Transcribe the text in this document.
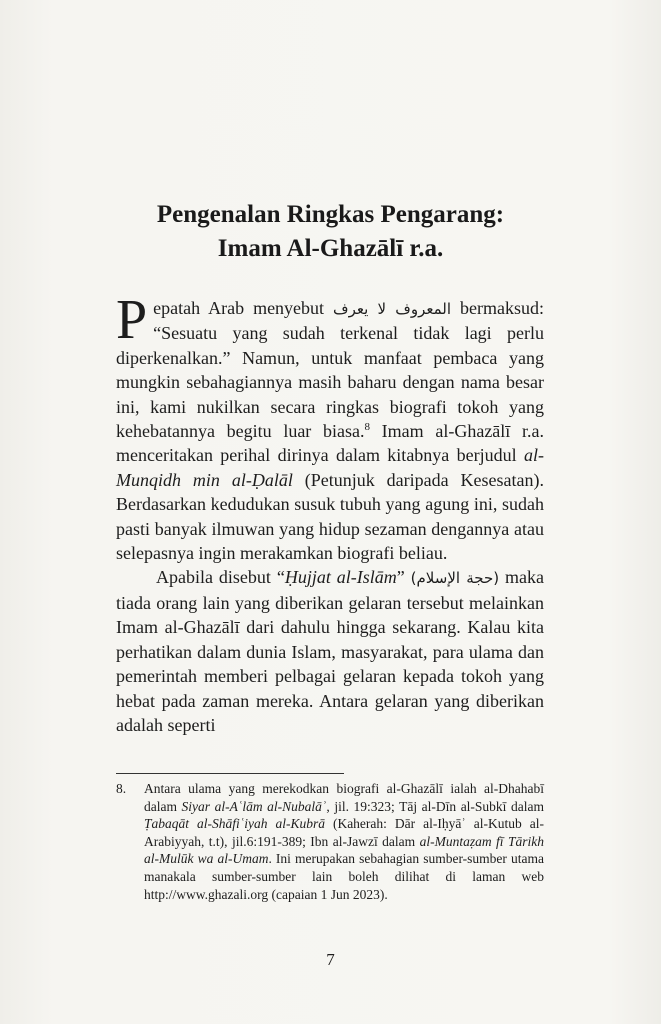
Pengenalan Ringkas Pengarang:
Imam Al-Ghazālī r.a.

Pepatah Arab menyebut المعروف لا يعرف bermaksud: “Sesuatu yang sudah terkenal tidak lagi perlu diperkenalkan.” Namun, untuk manfaat pembaca yang mungkin sebahagiannya masih baharu dengan nama besar ini, kami nukilkan secara ringkas biografi tokoh yang kehebatannya begitu luar biasa.$^8$ Imam al-Ghazālī r.a. menceritakan perihal dirinya dalam kitabnya berjudul al-Munqidh min al-Ḍalāl (Petunjuk daripada Kesesatan). Berdasarkan kedudukan susuk tubuh yang agung ini, sudah pasti banyak ilmuwan yang hidup sezaman dengannya atau selepasnya ingin merakamkan biografi beliau.

Apabila disebut “Ḥujjat al-Islām” (حجة الإسلام) maka tiada orang lain yang diberikan gelaran tersebut melainkan Imam al-Ghazālī dari dahulu hingga sekarang. Kalau kita perhatikan dalam dunia Islam, masyarakat, para ulama dan pemerintah memberi pelbagai gelaran kepada tokoh yang hebat pada zaman mereka. Antara gelaran yang diberikan adalah seperti

8. Antara ulama yang merekodkan biografi al-Ghazālī ialah al-Dhahabī dalam Siyar al-Aʿlām al-Nubalāʾ, jil. 19:323; Tāj al-Dīn al-Subkī dalam Ṭabaqāt al-Shāfiʿiyah al-Kubrā (Kaherah: Dār al-Iḥyāʾ al-Kutub al-Arabiyyah, t.t), jil.6:191-389; Ibn al-Jawzī dalam al-Muntaẓam fī Tārikh al-Mulūk wa al-Umam. Ini merupakan sebahagian sumber-sumber utama manakala sumber-sumber lain boleh dilihat di laman web http://www.ghazali.org (capaian 1 Jun 2023).
7
